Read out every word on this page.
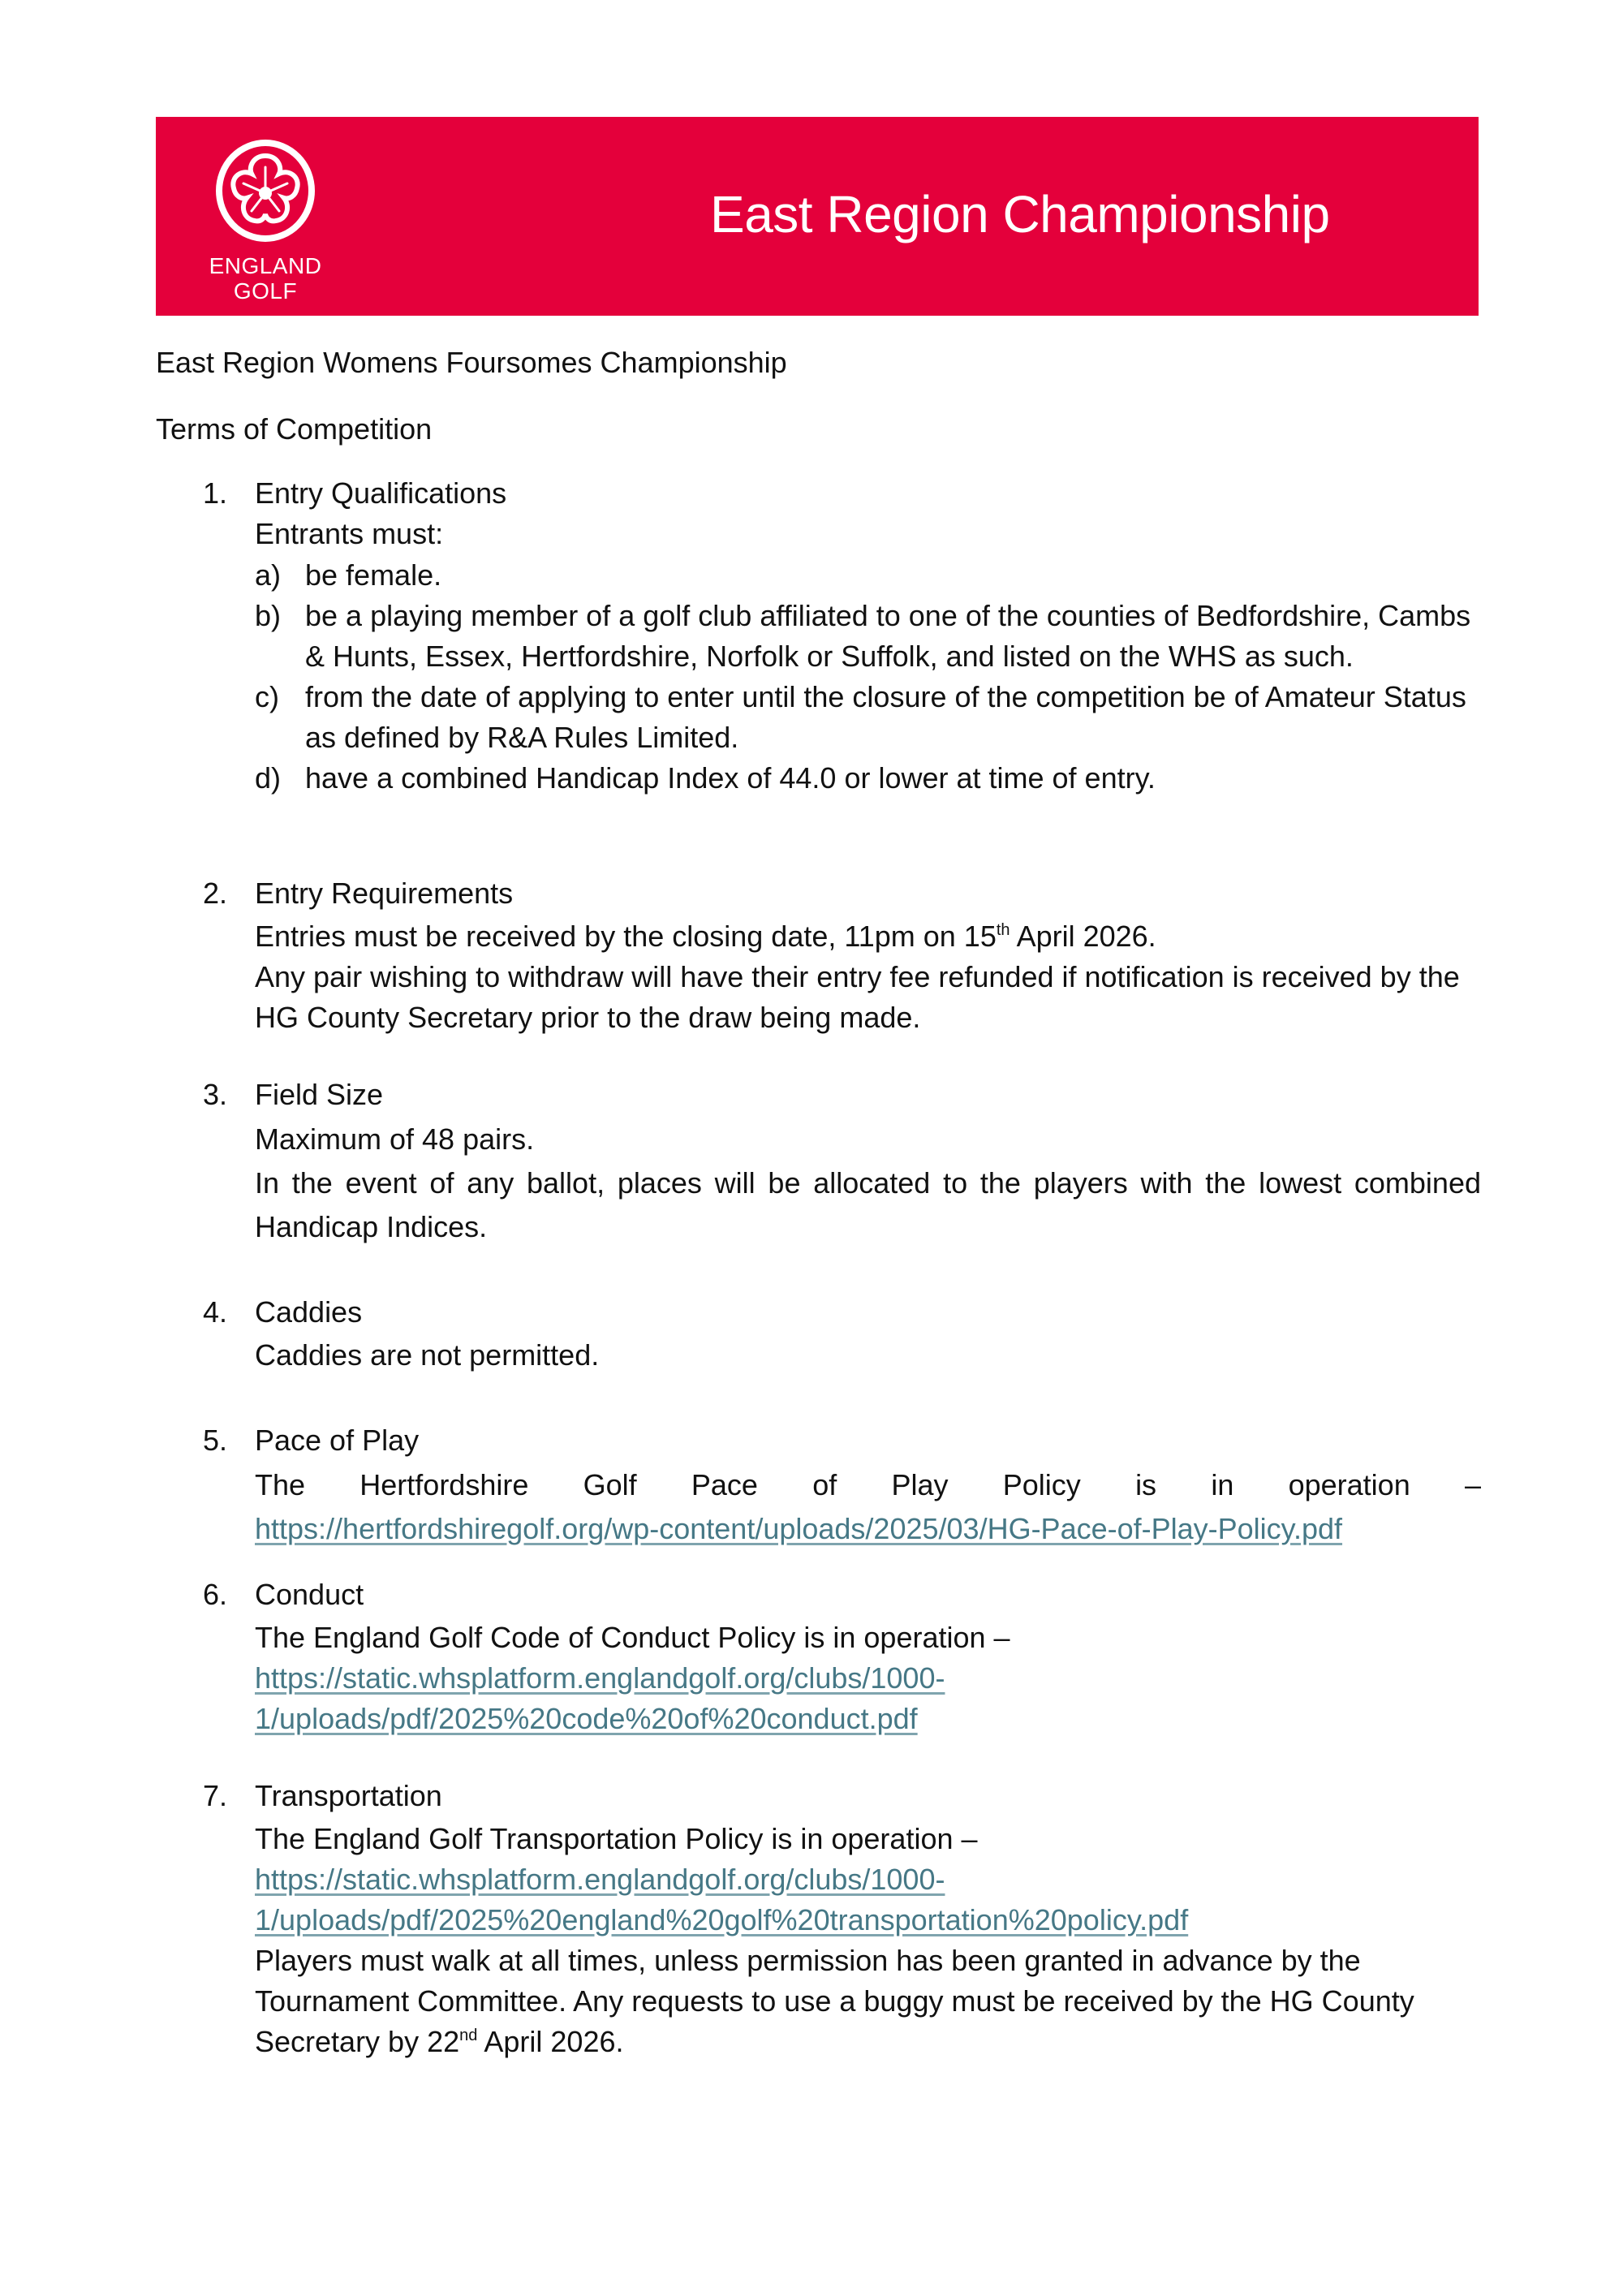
ENGLAND
GOLF
East Region Championship
East Region Womens Foursomes Championship
Terms of Competition
1. Entry Qualifications
Entrants must:
a) be female.
b) be a playing member of a golf club affiliated to one of the counties of Bedfordshire, Cambs & Hunts, Essex, Hertfordshire, Norfolk or Suffolk, and listed on the WHS as such.
c) from the date of applying to enter until the closure of the competition be of Amateur Status as defined by R&A Rules Limited.
d) have a combined Handicap Index of 44.0 or lower at time of entry.
2. Entry Requirements
Entries must be received by the closing date, 11pm on 15th April 2026.
Any pair wishing to withdraw will have their entry fee refunded if notification is received by the HG County Secretary prior to the draw being made.
3. Field Size
Maximum of 48 pairs.
In the event of any ballot, places will be allocated to the players with the lowest combined Handicap Indices.
4. Caddies
Caddies are not permitted.
5. Pace of Play
The Hertfordshire Golf Pace of Play Policy is in operation –
https://hertfordshiregolf.org/wp-content/uploads/2025/03/HG-Pace-of-Play-Policy.pdf
6. Conduct
The England Golf Code of Conduct Policy is in operation –
https://static.whsplatform.englandgolf.org/clubs/1000-
1/uploads/pdf/2025%20code%20of%20conduct.pdf
7. Transportation
The England Golf Transportation Policy is in operation –
https://static.whsplatform.englandgolf.org/clubs/1000-
1/uploads/pdf/2025%20england%20golf%20transportation%20policy.pdf
Players must walk at all times, unless permission has been granted in advance by the Tournament Committee. Any requests to use a buggy must be received by the HG County Secretary by 22nd April 2026.
